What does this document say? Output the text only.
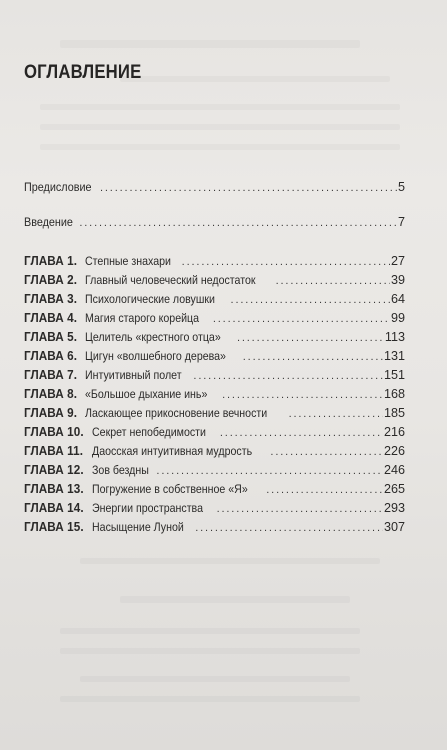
ОГЛАВЛЕНИЕ
Предисловие . . .	5
Введение . . .	7
ГЛАВА 1. Степные знахари . . .	27
ГЛАВА 2. Главный человеческий недостаток . . .	39
ГЛАВА 3. Психологические ловушки . . .	64
ГЛАВА 4. Магия старого корейца . . .	99
ГЛАВА 5. Целитель «крестного отца» . . .	113
ГЛАВА 6. Цигун «волшебного дерева» . . .	131
ГЛАВА 7. Интуитивный полет . . .	151
ГЛАВА 8. «Большое дыхание инь» . . .	168
ГЛАВА 9. Ласкающее прикосновение вечности . . .	185
ГЛАВА 10. Секрет непобедимости . . .	216
ГЛАВА 11. Даосская интуитивная мудрость . . .	226
ГЛАВА 12. Зов бездны . . .	246
ГЛАВА 13. Погружение в собственное «Я» . . .	265
ГЛАВА 14. Энергии пространства . . .	293
ГЛАВА 15. Насыщение Луной . . .	307
